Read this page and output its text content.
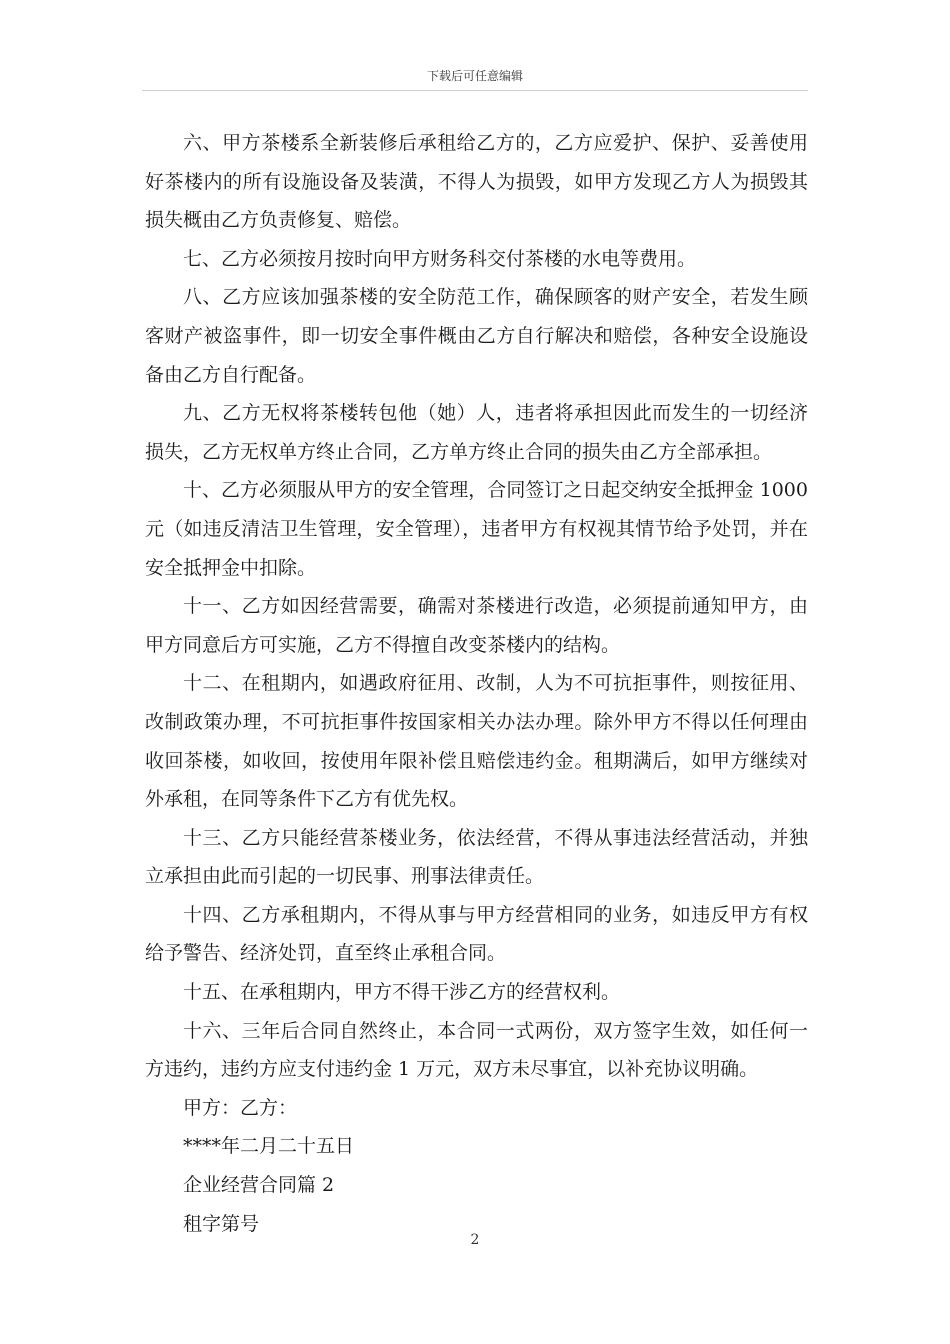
下载后可任意编辑

六、甲方茶楼系全新装修后承租给乙方的，乙方应爱护、保护、妥善使用好茶楼内的所有设施设备及装潢，不得人为损毁，如甲方发现乙方人为损毁其损失概由乙方负责修复、赔偿。

七、乙方必须按月按时向甲方财务科交付茶楼的水电等费用。

八、乙方应该加强茶楼的安全防范工作，确保顾客的财产安全，若发生顾客财产被盗事件，即一切安全事件概由乙方自行解决和赔偿，各种安全设施设备由乙方自行配备。

九、乙方无权将茶楼转包他（她）人，违者将承担因此而发生的一切经济损失，乙方无权单方终止合同，乙方单方终止合同的损失由乙方全部承担。

十、乙方必须服从甲方的安全管理，合同签订之日起交纳安全抵押金 1000 元（如违反清洁卫生管理，安全管理），违者甲方有权视其情节给予处罚，并在安全抵押金中扣除。

十一、乙方如因经营需要，确需对茶楼进行改造，必须提前通知甲方，由甲方同意后方可实施，乙方不得擅自改变茶楼内的结构。

十二、在租期内，如遇政府征用、改制，人为不可抗拒事件，则按征用、改制政策办理，不可抗拒事件按国家相关办法办理。除外甲方不得以任何理由收回茶楼，如收回，按使用年限补偿且赔偿违约金。租期满后，如甲方继续对外承租，在同等条件下乙方有优先权。

十三、乙方只能经营茶楼业务，依法经营，不得从事违法经营活动，并独立承担由此而引起的一切民事、刑事法律责任。

十四、乙方承租期内，不得从事与甲方经营相同的业务，如违反甲方有权给予警告、经济处罚，直至终止承租合同。

十五、在承租期内，甲方不得干涉乙方的经营权利。

十六、三年后合同自然终止，本合同一式两份，双方签字生效，如任何一方违约，违约方应支付违约金 1 万元，双方未尽事宜，以补充协议明确。

甲方：乙方：

****年二月二十五日

企业经营合同篇 2

租字第号

2
